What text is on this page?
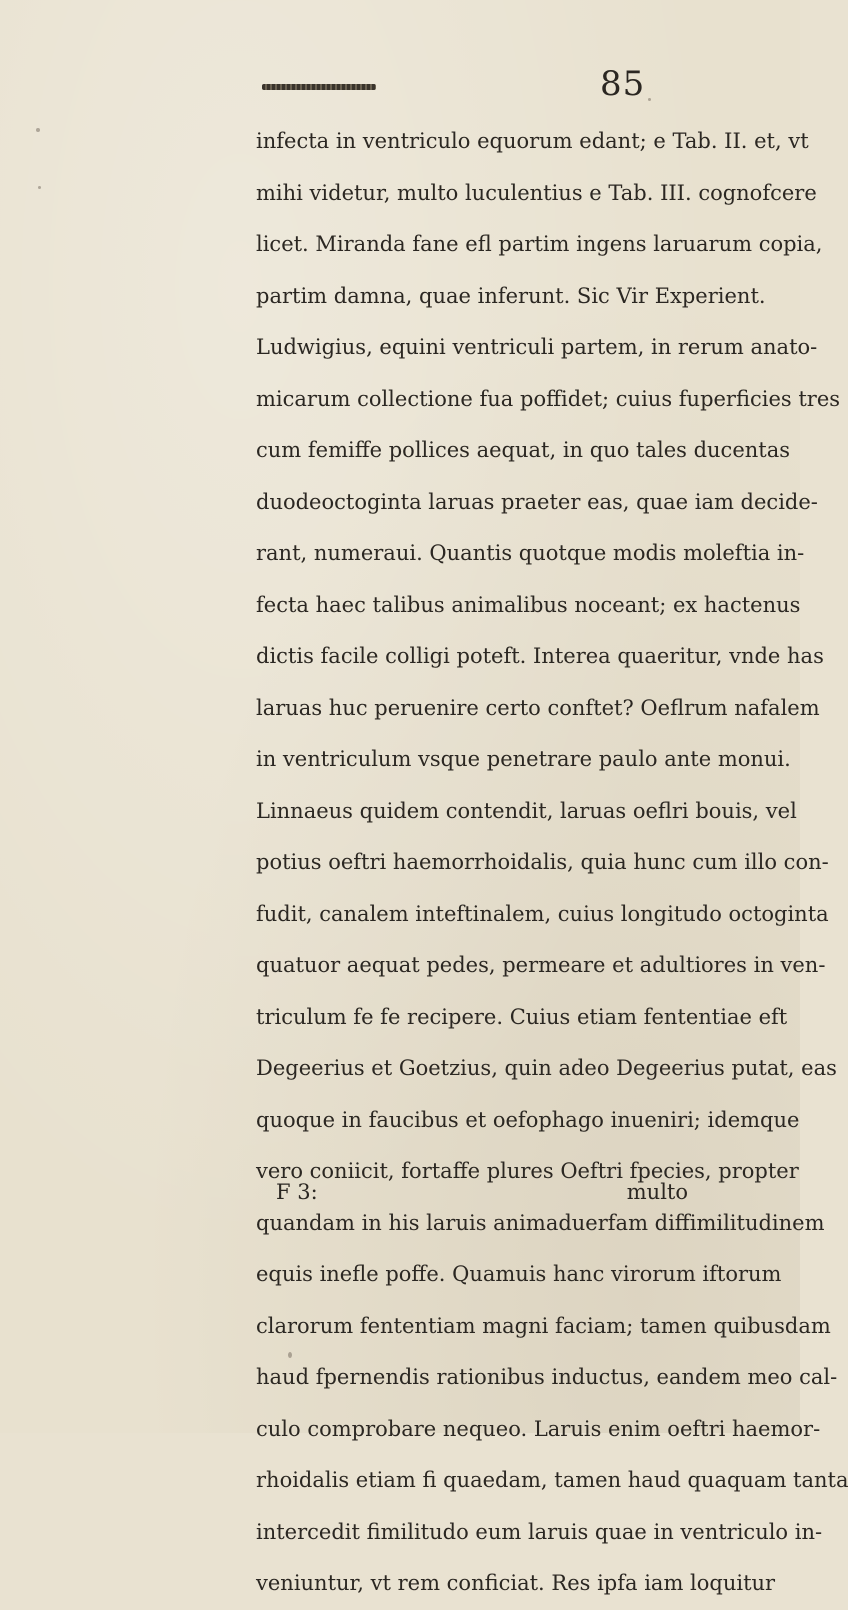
85
infecta in ventriculo equorum edant; e Tab. II. et, vt
mihi videtur, multo luculentius e Tab. III. cognofcere
licet. Miranda fane efl partim ingens laruarum copia,
partim damna, quae inferunt. Sic Vir Experient.
Ludwigius, equini ventriculi partem, in rerum anato-
micarum collectione fua poffidet; cuius fuperficies tres
cum femiffe pollices aequat, in quo tales ducentas
duodeoctoginta laruas praeter eas, quae iam decide-
rant, numeraui. Quantis quotque modis moleftia in-
fecta haec talibus animalibus noceant; ex hactenus
dictis facile colligi poteft. Interea quaeritur, vnde has
laruas huc peruenire certo conftet? Oeflrum nafalem
in ventriculum vsque penetrare paulo ante monui.
Linnaeus quidem contendit, laruas oeflri bouis, vel
potius oeftri haemorrhoidalis, quia hunc cum illo con-
fudit, canalem inteftinalem, cuius longitudo octoginta
quatuor aequat pedes, permeare et adultiores in ven-
triculum fe fe recipere. Cuius etiam fententiae eft
Degeerius et Goetzius, quin adeo Degeerius putat, eas
quoque in faucibus et oefophago inueniri; idemque
vero coniicit, fortaffe plures Oeftri fpecies, propter
quandam in his laruis animaduerfam diffimilitudinem
equis inefle poffe. Quamuis hanc virorum iftorum
clarorum fententiam magni faciam; tamen quibusdam
haud fpernendis rationibus inductus, eandem meo cal-
culo comprobare nequeo. Laruis enim oeftri haemor-
rhoidalis etiam fi quaedam, tamen haud quaquam tanta
intercedit fimilitudo eum laruis quae in ventriculo in-
veniuntur, vt rem conficiat. Res ipfa iam loquitur
F 3:	multo
